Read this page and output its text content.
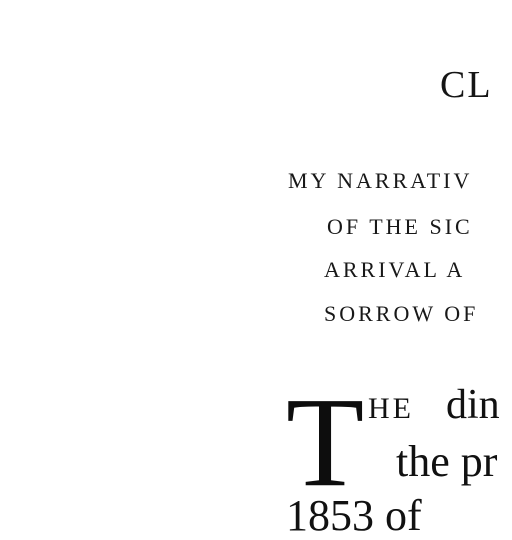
CL
MY NARRATIV
OF THE SIC
ARRIVAL A
SORROW OF
T HE din
the pr
1853 of
